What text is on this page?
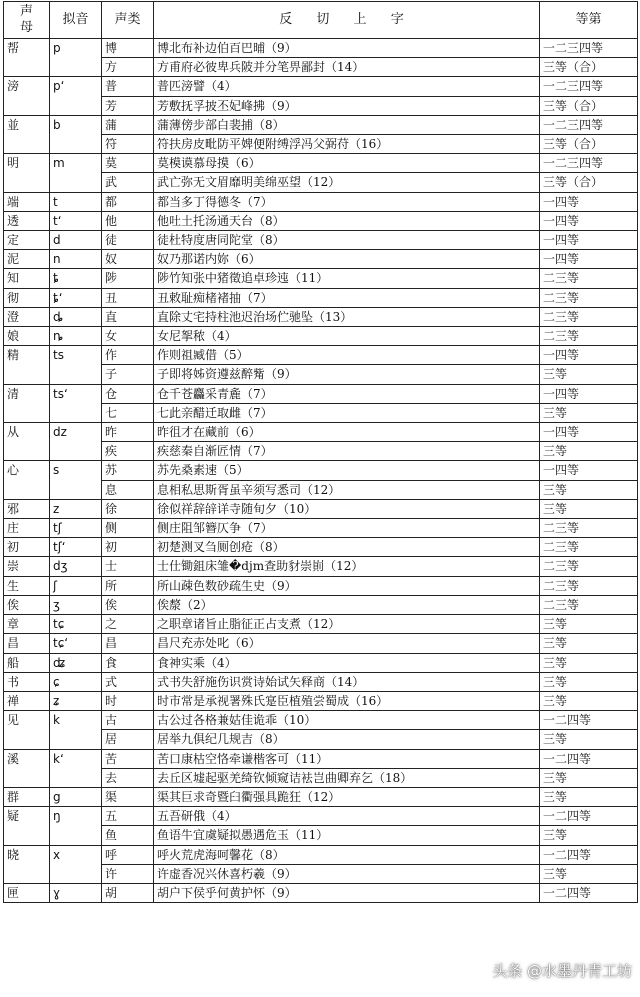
声
母	拟音	声类	反 切 上 字	等第
帮	p	博	博北布补边伯百巴晡（9）	一二三四等
		方	方甫府必彼卑兵陂并分笔畀鄙封（14）	三等（合）
滂	pʻ	普	普匹滂譬（4）	一二三四等
		芳	芳敷抚孚披丕妃峰拂（9）	三等（合）
並	b	蒲	蒲薄傍步部白裴捕（8）	一二三四等
		符	符扶房皮毗防平婢便附缚浮冯父弼苻（16）	三等（合）
明	m	莫	莫模谟慕母摸（6）	一二三四等
		武	武亡弥无文眉靡明美绵巫望（12）	三等（合）
端	t	都	都当多丁得德冬（7）	一四等
透	tʻ	他	他吐土托汤通天台（8）	一四等
定	d	徒	徒杜特度唐同陀堂（8）	一四等
泥	n	奴	奴乃那诺内妳（6）	一四等
知	ȶ	陟	陟竹知张中猪徵追卓珍迍（11）	二三等
彻	ȶʻ	丑	丑敕耻痴楮褚抽（7）	二三等
澄	ȡ	直	直除丈宅持柱池迟治场伫驰坠（13）	二三等
娘	ȵ	女	女尼挐秾（4）	二三等
精	ts	作	作则祖臧借（5）	一四等
		子	子即将姊资遵兹醉觜（9）	三等
清	tsʻ	仓	仓千苍麤采青麁（7）	一四等
		七	七此亲醋迁取雌（7）	三等
从	dz	昨	昨徂才在藏前（6）	一四等
		疾	疾慈秦自渐匠情（7）	三等
心	s	苏	苏先桑素速（5）	一四等
		息	息相私思斯胥虽辛须写悉司（12）	三等
邪	z	徐	徐似祥辞辝详寺随旬夕（10）	三等
庄	tʃ	侧	侧庄阻邹簪仄争（7）	二三等
初	tʃʻ	初	初楚测叉刍厕创疮（8）	二三等
崇	dʒ	士	士仕锄鉏床雏�djm查助豺崇崱（12）	二三等
生	ʃ	所	所山疎色数砂疏生史（9）	二三等
俟	ʒ	俟	俟漦（2）	二三等
章	tɕ	之	之职章诸旨止脂征正占支煮（12）	三等
昌	tɕʻ	昌	昌尺充赤处叱（6）	三等
船	ʥ	食	食神实乘（4）	三等
书	ɕ	式	式书失舒施伤识赏诗始试矢释商（14）	三等
禅	ʑ	时	时市常是承视署殊氏寔臣植殖尝蜀成（16）	三等
见	k	古	古公过各格兼姑佳诡乖（10）	一二四等
		居	居举九俱纪几规吉（8）	三等
溪	kʻ	苦	苦口康枯空恪牵谦楷客可（11）	一二四等
		去	去丘区墟起驱羌绮钦倾窥诘袪岂曲卿弃乞（18）	三等
群	g	渠	渠其巨求奇暨臼衢强具跪狂（12）	三等
疑	ŋ	五	五吾研俄（4）	一二四等
		鱼	鱼语牛宜虞疑拟愚遇危玉（11）	三等
晓	x	呼	呼火荒虎海呵馨花（8）	一二四等
		许	许虚香况兴休喜朽羲（9）	三等
匣	ɣ	胡	胡户下侯乎何黄护怀（9）	一二四等
头条 @水墨丹青工坊
